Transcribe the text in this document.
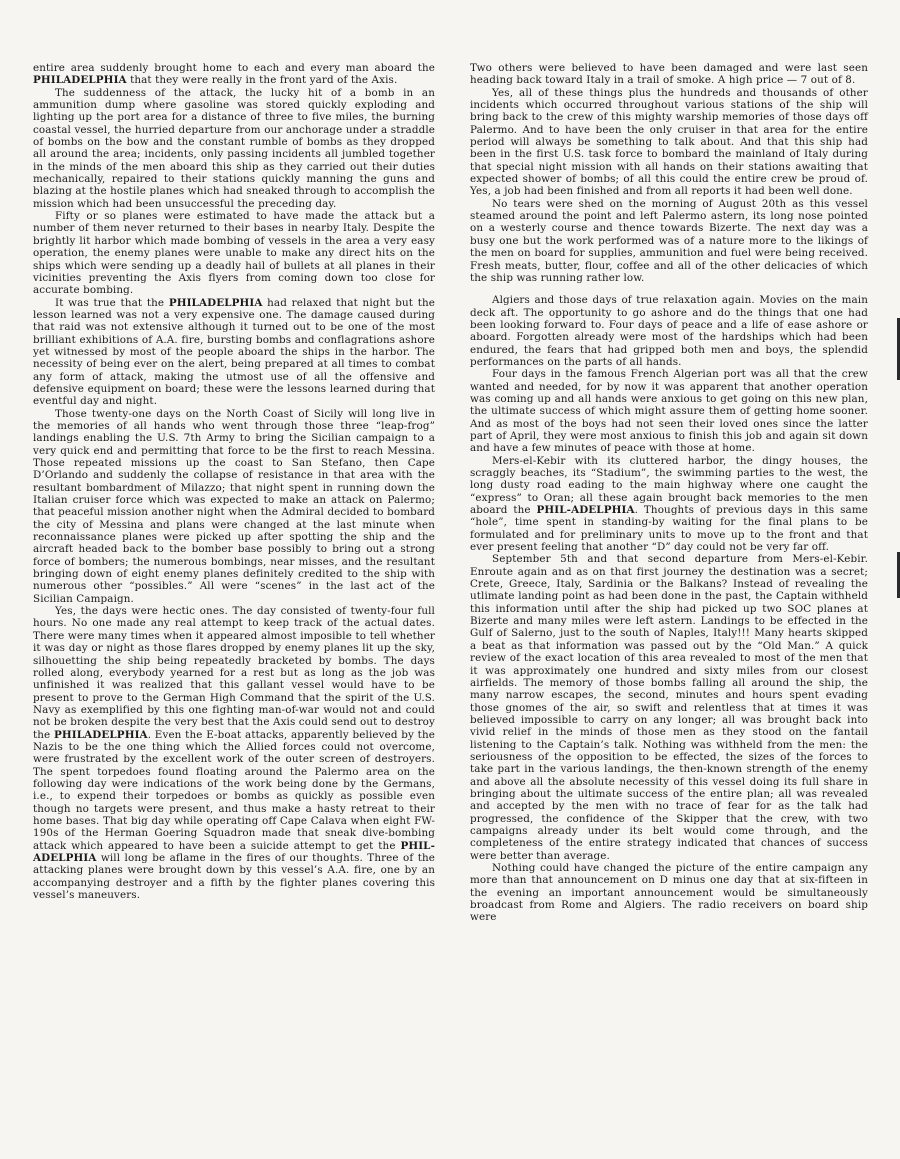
entire area suddenly brought home to each and every man aboard the PHILADELPHIA that they were really in the front yard of the Axis.

The suddenness of the attack, the lucky hit of a bomb in an ammunition dump where gasoline was stored quickly exploding and lighting up the port area for a distance of three to five miles, the burning coastal vessel, the hurried departure from our anchorage under a straddle of bombs on the bow and the constant rumble of bombs as they dropped all around the area; incidents, only passing incidents all jumbled together in the minds of the men aboard this ship as they carried out their duties mechanically, repaired to their stations quickly manning the guns and blazing at the hostile planes which had sneaked through to accomplish the mission which had been unsuccessful the preceding day.

Fifty or so planes were estimated to have made the attack but a number of them never returned to their bases in nearby Italy. Despite the brightly lit harbor which made bombing of vessels in the area a very easy operation, the enemy planes were unable to make any direct hits on the ships which were sending up a deadly hail of bullets at all planes in their vicinities preventing the Axis flyers from coming down too close for accurate bombing.

It was true that the PHILADELPHIA had relaxed that night but the lesson learned was not a very expensive one. The damage caused during that raid was not extensive although it turned out to be one of the most brilliant exhibitions of A.A. fire, bursting bombs and conflagrations ashore yet witnessed by most of the people aboard the ships in the harbor. The necessity of being ever on the alert, being prepared at all times to combat any form of attack, making the utmost use of all the offensive and defensive equipment on board; these were the lessons learned during that eventful day and night.

Those twenty-one days on the North Coast of Sicily will long live in the memories of all hands who went through those three “leap-frog” landings enabling the U.S. 7th Army to bring the Sicilian campaign to a very quick end and permitting that force to be the first to reach Messina. Those repeated missions up the coast to San Stefano, then Cape D’Orlando and suddenly the collapse of resistance in that area with the resultant bombardment of Milazzo; that night spent in running down the Italian cruiser force which was expected to make an attack on Palermo; that peaceful mission another night when the Admiral decided to bombard the city of Messina and plans were changed at the last minute when reconnaissance planes were picked up after spotting the ship and the aircraft headed back to the bomber base possibly to bring out a strong force of bombers; the numerous bombings, near misses, and the resultant bringing down of eight enemy planes definitely credited to the ship with numerous other “possibles.” All were “scenes” in the last act of the Sicilian Campaign.

Yes, the days were hectic ones. The day consisted of twenty-four full hours. No one made any real attempt to keep track of the actual dates. There were many times when it appeared almost imposible to tell whether it was day or night as those flares dropped by enemy planes lit up the sky, silhouetting the ship being repeatedly bracketed by bombs. The days rolled along, everybody yearned for a rest but as long as the job was unfinished it was realized that this gallant vessel would have to be present to prove to the German High Command that the spirit of the U.S. Navy as exemplified by this one fighting man-of-war would not and could not be broken despite the very best that the Axis could send out to destroy the PHILADELPHIA. Even the E-boat attacks, apparently believed by the Nazis to be the one thing which the Allied forces could not overcome, were frustrated by the excellent work of the outer screen of destroyers. The spent torpedoes found floating around the Palermo area on the following day were indications of the work being done by the Germans, i.e., to expend their torpedoes or bombs as quickly as possible even though no targets were present, and thus make a hasty retreat to their home bases. That big day while operating off Cape Calava when eight FW-190s of the Herman Goering Squadron made that sneak dive-bombing attack which appeared to have been a suicide attempt to get the PHIL-ADELPHIA will long be aflame in the fires of our thoughts. Three of the attacking planes were brought down by this vessel’s A.A. fire, one by an accompanying destroyer and a fifth by the fighter planes covering this vessel’s maneuvers.

Two others were believed to have been damaged and were last seen heading back toward Italy in a trail of smoke. A high price — 7 out of 8.

Yes, all of these things plus the hundreds and thousands of other incidents which occurred throughout various stations of the ship will bring back to the crew of this mighty warship memories of those days off Palermo. And to have been the only cruiser in that area for the entire period will always be something to talk about. And that this ship had been in the first U.S. task force to bombard the mainland of Italy during that special night mission with all hands on their stations awaiting that expected shower of bombs; of all this could the entire crew be proud of. Yes, a job had been finished and from all reports it had been well done.

No tears were shed on the morning of August 20th as this vessel steamed around the point and left Palermo astern, its long nose pointed on a westerly course and thence towards Bizerte. The next day was a busy one but the work performed was of a nature more to the likings of the men on board for supplies, ammunition and fuel were being received. Fresh meats, butter, flour, coffee and all of the other delicacies of which the ship was running rather low.

Algiers and those days of true relaxation again. Movies on the main deck aft. The opportunity to go ashore and do the things that one had been looking forward to. Four days of peace and a life of ease ashore or aboard. Forgotten already were most of the hardships which had been endured, the fears that had gripped both men and boys, the splendid performances on the parts of all hands.

Four days in the famous French Algerian port was all that the crew wanted and needed, for by now it was apparent that another operation was coming up and all hands were anxious to get going on this new plan, the ultimate success of which might assure them of getting home sooner. And as most of the boys had not seen their loved ones since the latter part of April, they were most anxious to finish this job and again sit down and have a few minutes of peace with those at home.

Mers-el-Kebir with its cluttered harbor, the dingy houses, the scraggly beaches, its “Stadium”, the swimming parties to the west, the long dusty road eading to the main highway where one caught the “express” to Oran; all these again brought back memories to the men aboard the PHIL-ADELPHIA. Thoughts of previous days in this same “hole”, time spent in standing-by waiting for the final plans to be formulated and for preliminary units to move up to the front and that ever present feeling that another “D” day could not be very far off.

September 5th and that second departure from Mers-el-Kebir. Enroute again and as on that first journey the destination was a secret; Crete, Greece, Italy, Sardinia or the Balkans? Instead of revealing the utlimate landing point as had been done in the past, the Captain withheld this information until after the ship had picked up two SOC planes at Bizerte and many miles were left astern. Landings to be effected in the Gulf of Salerno, just to the south of Naples, Italy!!! Many hearts skipped a beat as that information was passed out by the “Old Man.” A quick review of the exact location of this area revealed to most of the men that it was approximately one hundred and sixty miles from our closest airfields. The memory of those bombs falling all around the ship, the many narrow escapes, the second, minutes and hours spent evading those gnomes of the air, so swift and relentless that at times it was believed impossible to carry on any longer; all was brought back into vivid relief in the minds of those men as they stood on the fantail listening to the Captain’s talk. Nothing was withheld from the men: the seriousness of the opposition to be effected, the sizes of the forces to take part in the various landings, the then-known strength of the enemy and above all the absolute necessity of this vessel doing its full share in bringing about the ultimate success of the entire plan; all was revealed and accepted by the men with no trace of fear for as the talk had progressed, the confidence of the Skipper that the crew, with two campaigns already under its belt would come through, and the completeness of the entire strategy indicated that chances of success were better than average.

Nothing could have changed the picture of the entire campaign any more than that announcement on D minus one day that at six-fifteen in the evening an important announcement would be simultaneously broadcast from Rome and Algiers. The radio receivers on board ship were
